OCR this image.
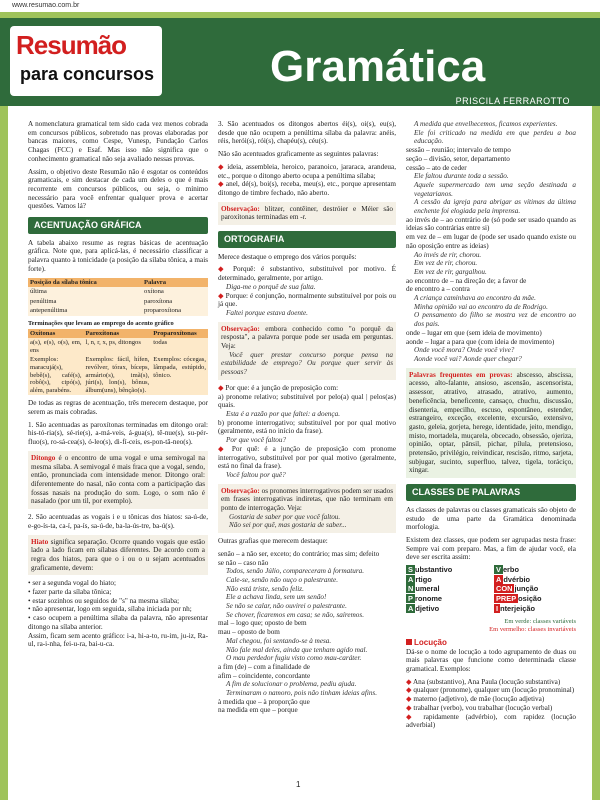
www.resumao.com.br
Resumão
para concursos	Gramática
PRISCILA FERRAROTTO

A nomenclatura gramatical tem sido cada vez menos cobrada em concursos públicos, sobretudo nas provas elaboradas por bancas maiores, como Cespe, Vunesp, Fundação Carlos Chagas (FCC) e Esaf. Mas isso não significa que o conhecimento gramatical não seja avaliado nessas provas.

Assim, o objetivo deste Resumão não é esgotar os conteúdos gramaticais, e sim destacar de cada um deles o que é mais recorrente em concursos públicos, ou seja, o mínimo necessário para você enfrentar qualquer prova e acertar questões. Vamos lá?

ACENTUAÇÃO GRÁFICA

A tabela abaixo resume as regras básicas de acentuação gráfica. Note que, para aplicá-las, é necessário classificar a palavra quanto à tonicidade (a posição da sílaba tônica, a mais forte).

Posição da sílaba tônica	Palavra
última	oxítona
penúltima	paroxítona
antepenúltima	proparoxítona
Terminações que levam ao emprego do acento gráfico
Oxítonas	Paroxítonas	Proparoxítonas
a(s), e(s), o(s), em, ens	l, n, r, x, ps, ditongos	todas
Exemplos: maracujá(s), bebê(s), café(s), robô(s), cipó(s), além, parabéns.	Exemplos: fácil, hífen, revólver, tórax, bíceps, armário(s), imã(s), júri(s), lon(s), bônus, álbum(uns), bênção(s).	Exemplos: cócegas, lâmpada, estúpido, tônico.

De todas as regras de acentuação, três merecem destaque, por serem as mais cobradas.

1. São acentuadas as paroxítonas terminadas em ditongo oral: his-tó-ria(s), sé-rie(s), a-má-veis, á-gua(s), tê-nue(s), su-pér-fluo(s), ro-sá-cea(s), ó-leo(s), di-fí-ceis, es-pon-tâ-neo(s).

Ditongo é o encontro de uma vogal e uma semivogal na mesma sílaba. A semivogal é mais fraca que a vogal, sendo, então, pronunciada com intensidade menor. Ditongo oral: diferentemente do nasal, não conta com a participação das fossas nasais na produção do som. Logo, o som não é nasalado (por um til, por exemplo).

2. São acentuadas as vogais i e u tônicas dos hiatos: sa-ú-de, e-go-ís-ta, ca-í, pa-ís, sa-ú-de, ba-la-ús-tre, ba-ú(s).

Hiato significa separação. Ocorre quando vogais que estão lado a lado ficam em sílabas diferentes. De acordo com a regra dos hiatos, para que o i ou o u sejam acentuados graficamente, devem:

• ser a segunda vogal do hiato;
• fazer parte da sílaba tônica;
• estar sozinhos ou seguidos de "s" na mesma sílaba;
• não apresentar, logo em seguida, sílaba iniciada por nh;
• caso ocupem a penúltima sílaba da palavra, não apresentar ditongo na sílaba anterior.

Assim, ficam sem acento gráfico: i-a, hi-a-to, ru-im, ju-iz, Ra-ul, ra-i-nha, fei-u-ra, bai-u-ca.

3. São acentuados os ditongos abertos éi(s), oi(s), eu(s), desde que não ocupem a penúltima sílaba da palavra: anéis, réis, herói(s), rói(s), chapéu(s), céu(s).

Não são acentuados graficamente as seguintes palavras:

◆ ideia, assembleia, heroico, paranoico, jararaca, arandeua, etc., porque o ditongo aberto ocupa a penúltima sílaba;
◆ anel, dé(s), boi(s), receba, meu(s), etc., porque apresentam ditongo de timbre fechado, não aberto.

Observação: blitzer, contêiner, destróier e Méier são paroxítonas terminadas em -r.

ORTOGRAFIA

Merece destaque o emprego dos vários porquês:

◆ Porquê: é substantivo, substituível por motivo. É determinado, geralmente, por artigo.
Diga-me o porquê de sua falta.
◆ Porque: é conjunção, normalmente substituível por pois ou já que.
Faltei porque estava doente.

Observação: embora conhecido como "o porquê da resposta", a palavra porque pode ser usada em perguntas. Veja:
Você quer prestar concurso porque pensa na estabilidade de emprego? Ou porque quer servir às pessoas?

◆ Por que: é a junção de preposição com:
a) pronome relativo; substituível por pelo(a) qual | pelos(as) quais.
Esta é a razão por que faltei: a doença.
b) pronome interrogativo; substituível por por qual motivo (geralmente, está no início da frase).
Por que você faltou?
◆ Por quê: é a junção de preposição com pronome interrogativo, substituível por por qual motivo (geralmente, está no final da frase).
Você faltou por quê?

Observação: os pronomes interrogativos podem ser usados em frases interrogativas indiretas, que não terminam em ponto de interrogação. Veja:
Gostaria de saber por que você faltou.
Não sei por quê, mas gostaria de saber...

Outras grafias que merecem destaque:

senão – a não ser, exceto; do contrário; mas sim; defeito
se não – caso não
Todos, senão Júlio, compareceram à formatura.
Cale-se, senão não ouço o palestrante.
Não está triste, senão feliz.
Ele a achava linda, sem um senão!
Se não se calar, não ouvirei o palestrante.
Se chover, ficaremos em casa; se não, saíremos.
mal – logo que; oposto de bem
mau – oposto de bom
Mal chegou, foi sentando-se à mesa.
Não fale mal deles, ainda que tenham agido mal.
O mau perdedor fugiu visto como mau-caráter.
a fim (de) – com a finalidade de
afim – coincidente, concordante
A fim de solucionar o problema, pediu ajuda.
Terminaram o namoro, pois não tinham ideias afins.
à medida que – à proporção que
na medida em que – porque
A medida que envelhecemos, ficamos experientes.
Ele foi criticado na medida em que perdeu a boa educação.
sessão – reunião; intervalo de tempo
seção – divisão, setor, departamento
cessão – ato de ceder
Ele faltou durante toda a sessão.
Aquele supermercado tem uma seção destinada a vegetarianos.
A cessão da igreja para abrigar as vítimas da última enchente foi elogiada pela imprensa.
ao invés de – ao contrário de (só pode ser usado quando as ideias são contrárias entre si)
em vez de – em lugar de (pode ser usado quando existe ou não oposição entre as ideias)
Ao invés de rir, chorou.
Em vez de rir, chorou.
Em vez de rir, gargalhou.
ao encontro de – na direção de; a favor de
de encontro a – contra
A criança caminhava ao encontro da mãe.
Minha opinião vai ao encontro da de Rodrigo.
O pensamento do filho se mostra vez de encontro ao dos pais.
onde – lugar em que (sem ideia de movimento)
aonde – lugar a para que (com ideia de movimento)
Onde você mora? Onde você vive?
Aonde você vai? Aonde quer chegar?

Palavras frequentes em provas: abscesso, abscissa, acesso, alto-falante, ansioso, ascensão, ascensorista, assessor, atrativo, atrasado, atrativo, aumento, beneficência, beneficente, cansaço, chuchu, discussão, disenteria, empecilho, escuso, espontâneo, estender, estrangeiro, exceção, excelente, excursão, extensivo, gasto, geleia, gorjeta, herege, identidade, jeito, mendigo, misto, mortadela, muçarela, obcecado, obsessão, ojeriza, opinião, optar, pânsil, pichar, pílula, pretensioso, pretensão, privilégio, reivindicar, rescisão, ritmo, sarjeta, subjugar, sucinto, superfluo, talvez, tigela, toráciço, xingar.

CLASSES DE PALAVRAS

As classes de palavras ou classes gramaticais são objeto de estudo de uma parte da Gramática denominada morfologia.

Existem dez classes, que podem ser agrupadas nesta frase: Sempre vai com preparo. Mas, a fim de ajudar você, ela deve ser escrita assim:

S ubstantivo	V erbo
A rtigo	A dvérbio
N umeral	CON junção
P ronome	PREP osição
A djetivo	I nterjeição
Em verde: classes variáveis
Em vermelho: classes invariáveis
Locução

Dá-se o nome de locução a todo agrupamento de duas ou mais palavras que funcione como determinada classe gramatical. Exemplos:

◆ Ana (substantivo), Ana Paula (locução substantiva)
◆ qualquer (pronome), qualquer um (locução pronominal)
◆ materno (adjetivo), de mãe (locução adjetiva)
◆ trabalhar (verbo), vou trabalhar (locução verbal)
◆ rapidamente (advérbio), com rapidez (locução adverbial)
1
